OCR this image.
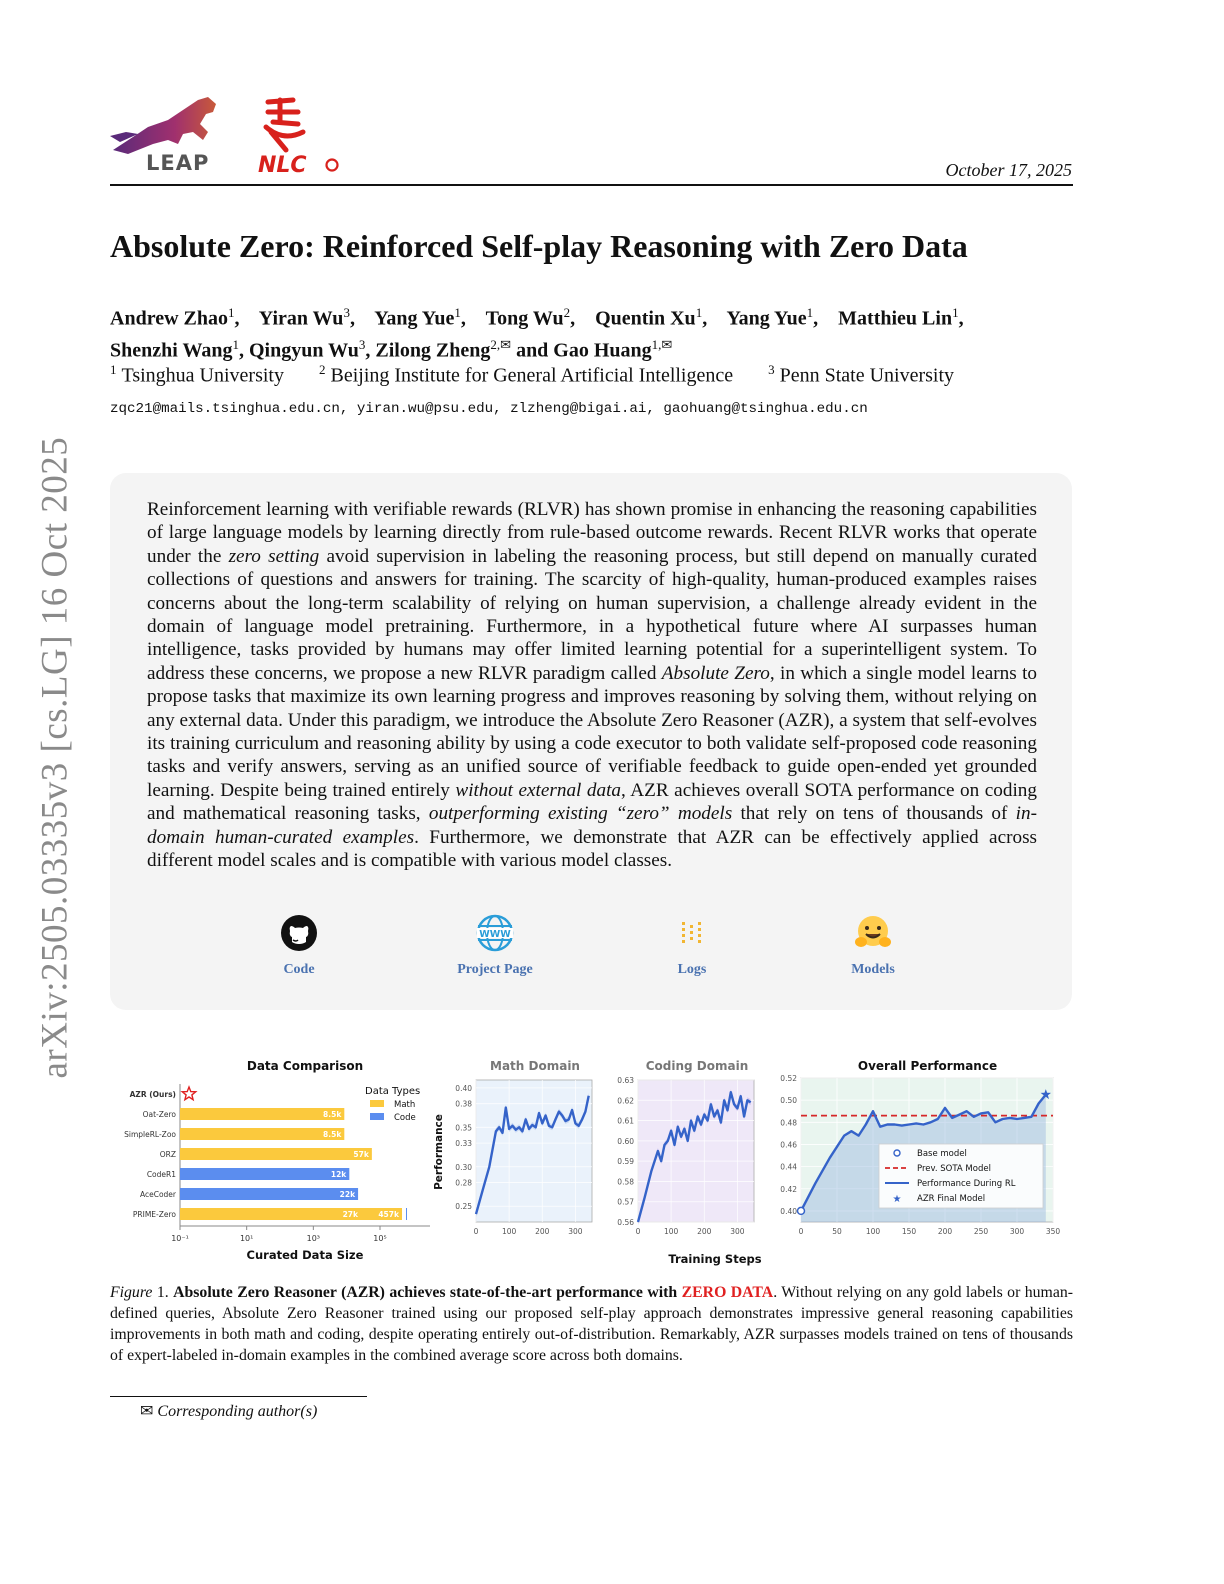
arXiv:2505.03335v3 [cs.LG] 16 Oct 2025
LEAP NLC	October 17, 2025
Absolute Zero: Reinforced Self-play Reasoning with Zero Data
Andrew Zhao$^1$,    Yiran Wu$^3$,    Yang Yue$^1$,    Tong Wu$^2$,    Quentin Xu$^1$,    Yang Yue$^1$,    Matthieu Lin$^1$,
Shenzhi Wang$^1$, Qingyun Wu$^3$, Zilong Zheng$^{2,✉}$ and Gao Huang$^{1,✉}$
$^1$ Tsinghua University	$^2$ Beijing Institute for General Artificial Intelligence	$^3$ Penn State University
zqc21@mails.tsinghua.edu.cn, yiran.wu@psu.edu, zlzheng@bigai.ai, gaohuang@tsinghua.edu.cn
Reinforcement learning with verifiable rewards (RLVR) has shown promise in enhancing the reasoning capabilities of large language models by learning directly from rule-based outcome rewards. Recent RLVR works that operate under the zero setting avoid supervision in labeling the reasoning process, but still depend on manually curated collections of questions and answers for training. The scarcity of high-quality, human-produced examples raises concerns about the long-term scalability of relying on human supervision, a challenge already evident in the domain of language model pretraining. Furthermore, in a hypothetical future where AI surpasses human intelligence, tasks provided by humans may offer limited learning potential for a superintelligent system. To address these concerns, we propose a new RLVR paradigm called Absolute Zero, in which a single model learns to propose tasks that maximize its own learning progress and improves reasoning by solving them, without relying on any external data. Under this paradigm, we introduce the Absolute Zero Reasoner (AZR), a system that self-evolves its training curriculum and reasoning ability by using a code executor to both validate self-proposed code reasoning tasks and verify answers, serving as an unified source of verifiable feedback to guide open-ended yet grounded learning. Despite being trained entirely without external data, AZR achieves overall SOTA performance on coding and mathematical reasoning tasks, outperforming existing “zero” models that rely on tens of thousands of in-domain human-curated examples. Furthermore, we demonstrate that AZR can be effectively applied across different model scales and is compatible with various model classes.
Code
WWW
Project Page	Logs	Models
Data Comparison	Math Domain	Coding Domain	Overall Performance
AZR (Ours)
Oat-Zero	8.5k
SimpleRL-Zoo	8.5k
ORZ	57k
CodeR1	12k
AceCoder	22k
PRIME-Zero	457k
27k
10⁻¹	10¹	10³	10⁵
Curated Data Size
Data Types
Math
Code
0.25
0.28
0.30
0.33
0.35
0.38
0.40
0	100	200	300
Performance
0.56
0.57
0.58
0.59
0.60
0.61
0.62
0.63
0	100	200	300
Training Steps
0.40
0.42
0.44
0.46
0.48
0.50
0.52
0	50	100	150	200	250	300	350
★
Base model
Prev. SOTA Model
Performance During RL
AZR Final Model
Figure 1. Absolute Zero Reasoner (AZR) achieves state-of-the-art performance with ZERO DATA. Without relying on any gold labels or human-defined queries, Absolute Zero Reasoner trained using our proposed self-play approach demonstrates impressive general reasoning capabilities improvements in both math and coding, despite operating entirely out-of-distribution. Remarkably, AZR surpasses models trained on tens of thousands of expert-labeled in-domain examples in the combined average score across both domains.
✉ Corresponding author(s)
